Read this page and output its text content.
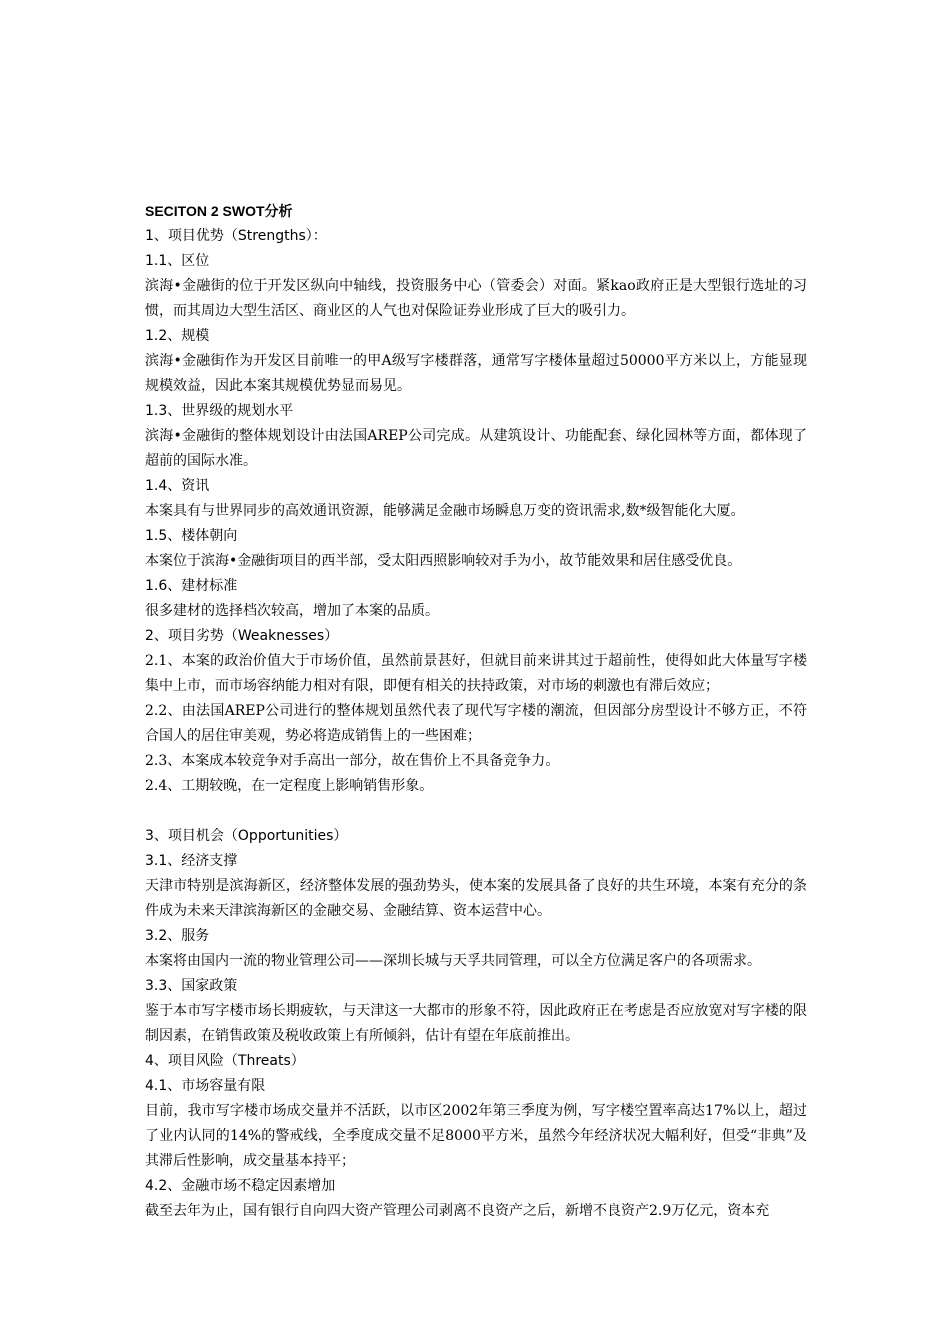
SECITON 2 SWOT分析
1、项目优势（Strengths）：
1.1、区位
滨海•金融街的位于开发区纵向中轴线，投资服务中心（管委会）对面。紧kao政府正是大型银行选址的习惯，而其周边大型生活区、商业区的人气也对保险证券业形成了巨大的吸引力。
1.2、规模
滨海•金融街作为开发区目前唯一的甲A级写字楼群落，通常写字楼体量超过50000平方米以上，方能显现规模效益，因此本案其规模优势显而易见。
1.3、世界级的规划水平
滨海•金融街的整体规划设计由法国AREP公司完成。从建筑设计、功能配套、绿化园林等方面，都体现了超前的国际水准。
1.4、资讯
本案具有与世界同步的高效通讯资源，能够满足金融市场瞬息万变的资讯需求,数*级智能化大厦。
1.5、楼体朝向
本案位于滨海•金融街项目的西半部，受太阳西照影响较对手为小，故节能效果和居住感受优良。
1.6、建材标准
很多建材的选择档次较高，增加了本案的品质。
2、项目劣势（Weaknesses）
2.1、本案的政治价值大于市场价值，虽然前景甚好，但就目前来讲其过于超前性，使得如此大体量写字楼集中上市，而市场容纳能力相对有限，即便有相关的扶持政策，对市场的刺激也有滞后效应；
2.2、由法国AREP公司进行的整体规划虽然代表了现代写字楼的潮流，但因部分房型设计不够方正，不符合国人的居住审美观，势必将造成销售上的一些困难；
2.3、本案成本较竞争对手高出一部分，故在售价上不具备竞争力。
2.4、工期较晚，在一定程度上影响销售形象。
3、项目机会（Opportunities）
3.1、经济支撑
天津市特别是滨海新区，经济整体发展的强劲势头，使本案的发展具备了良好的共生环境，本案有充分的条件成为未来天津滨海新区的金融交易、金融结算、资本运营中心。
3.2、服务
本案将由国内一流的物业管理公司——深圳长城与天孚共同管理，可以全方位满足客户的各项需求。
3.3、国家政策
鉴于本市写字楼市场长期疲软，与天津这一大都市的形象不符，因此政府正在考虑是否应放宽对写字楼的限制因素，在销售政策及税收政策上有所倾斜，估计有望在年底前推出。
4、项目风险（Threats）
4.1、市场容量有限
目前，我市写字楼市场成交量并不活跃，以市区2002年第三季度为例，写字楼空置率高达17%以上，超过了业内认同的14%的警戒线，全季度成交量不足8000平方米，虽然今年经济状况大幅利好，但受“非典”及其滞后性影响，成交量基本持平；
4.2、金融市场不稳定因素增加
截至去年为止，国有银行自向四大资产管理公司剥离不良资产之后，新增不良资产2.9万亿元，资本充
